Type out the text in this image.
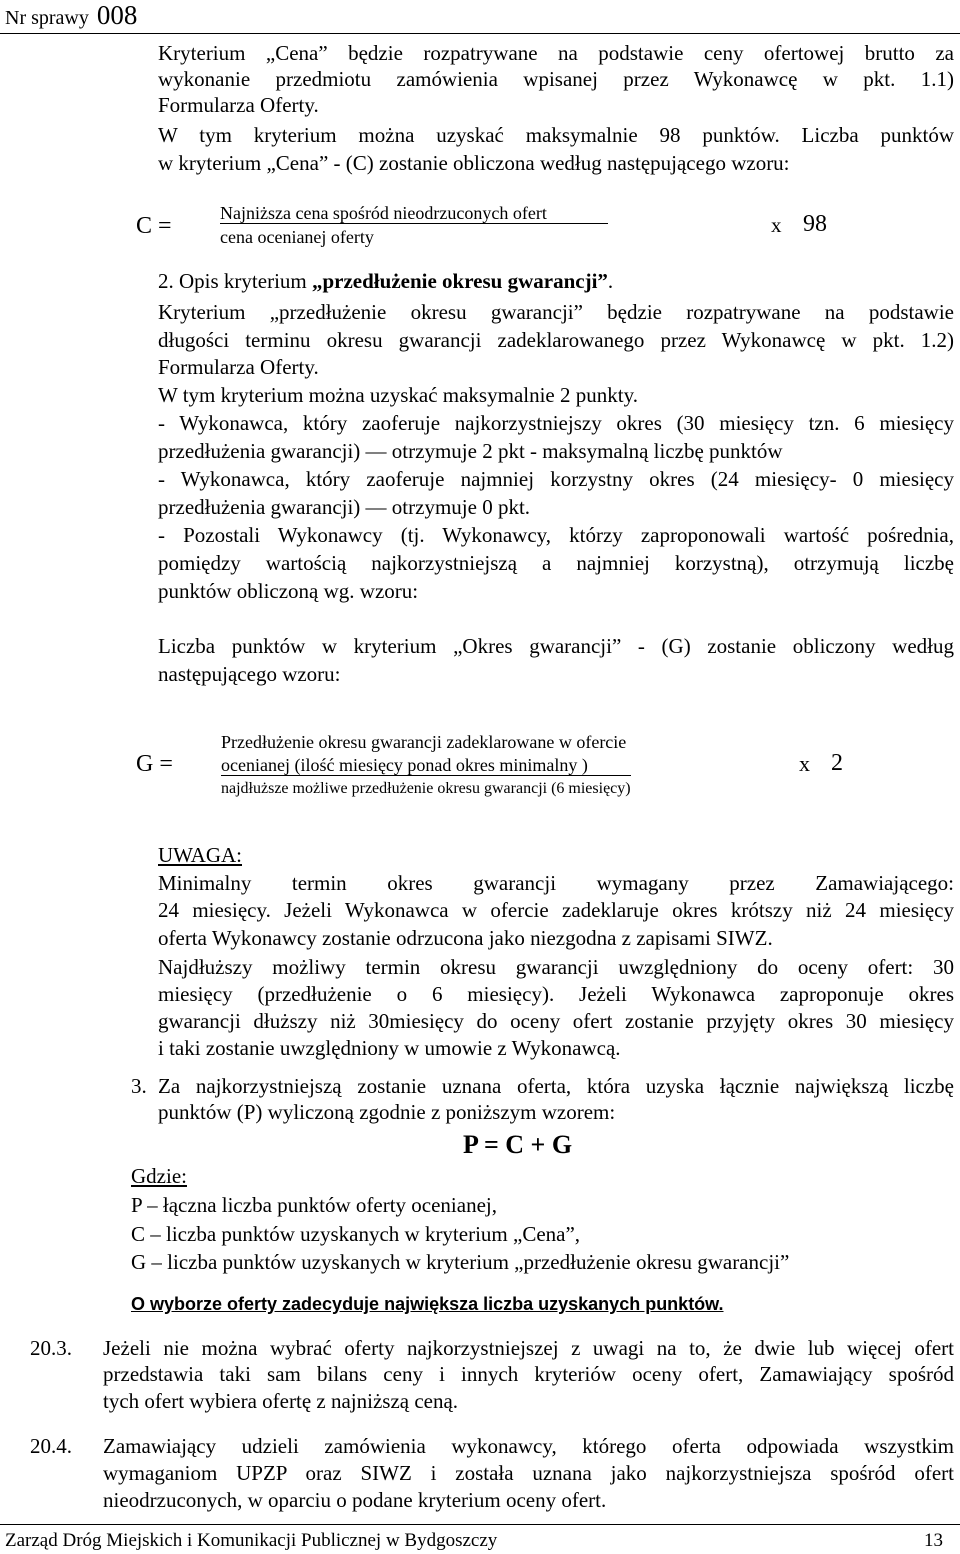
Nr sprawy 008
Kryterium „Cena” będzie rozpatrywane na podstawie ceny ofertowej brutto za
wykonanie przedmiotu zamówienia wpisanej przez Wykonawcę w pkt. 1.1)
Formularza Oferty.
W tym kryterium można uzyskać maksymalnie 98 punktów. Liczba punktów
w kryterium „Cena” - (C) zostanie obliczona według następującego wzoru:
C =	Najniższa cena spośród nieodrzuconych ofert
cena ocenianej oferty	x 98
2. Opis kryterium „przedłużenie okresu gwarancji”.
Kryterium „przedłużenie okresu gwarancji” będzie rozpatrywane na podstawie
długości terminu okresu gwarancji zadeklarowanego przez Wykonawcę w pkt. 1.2)
Formularza Oferty.
W tym kryterium można uzyskać maksymalnie 2 punkty.
- Wykonawca, który zaoferuje najkorzystniejszy okres (30 miesięcy tzn. 6 miesięcy
przedłużenia gwarancji) — otrzymuje 2 pkt - maksymalną liczbę punktów
- Wykonawca, który zaoferuje najmniej korzystny okres (24 miesięcy- 0 miesięcy
przedłużenia gwarancji) — otrzymuje 0 pkt.
- Pozostali Wykonawcy (tj. Wykonawcy, którzy zaproponowali wartość pośrednia,
pomiędzy wartością najkorzystniejszą a najmniej korzystną), otrzymują liczbę
punktów obliczoną wg. wzoru:
Liczba punktów w kryterium „Okres gwarancji” - (G) zostanie obliczony według
następującego wzoru:
G =
Przedłużenie okresu gwarancji zadeklarowane w ofercie
ocenianej (ilość miesięcy ponad okres minimalny )
najdłuższe możliwe przedłużenie okresu gwarancji (6 miesięcy)
x 2
UWAGA:
Minimalny termin okres gwarancji wymagany przez Zamawiającego:
24 miesięcy. Jeżeli Wykonawca w ofercie zadeklaruje okres krótszy niż 24 miesięcy
oferta Wykonawcy zostanie odrzucona jako niezgodna z zapisami SIWZ.
Najdłuższy możliwy termin okresu gwarancji uwzględniony do oceny ofert: 30
miesięcy (przedłużenie o 6 miesięcy). Jeżeli Wykonawca zaproponuje okres
gwarancji dłuższy niż 30miesięcy do oceny ofert zostanie przyjęty okres 30 miesięcy
i taki zostanie uwzględniony w umowie z Wykonawcą.
3. Za najkorzystniejszą zostanie uznana oferta, która uzyska łącznie największą liczbę
punktów (P) wyliczoną zgodnie z poniższym wzorem:
P = C + G
Gdzie:
P – łączna liczba punktów oferty ocenianej,
C – liczba punktów uzyskanych w kryterium „Cena”,
G – liczba punktów uzyskanych w kryterium „przedłużenie okresu gwarancji”
O wyborze oferty zadecyduje największa liczba uzyskanych punktów.
20.3. Jeżeli nie można wybrać oferty najkorzystniejszej z uwagi na to, że dwie lub więcej ofert
przedstawia taki sam bilans ceny i innych kryteriów oceny ofert, Zamawiający spośród
tych ofert wybiera ofertę z najniższą ceną.
20.4. Zamawiający udzieli zamówienia wykonawcy, którego oferta odpowiada wszystkim
wymaganiom UPZP oraz SIWZ i została uznana jako najkorzystniejsza spośród ofert
nieodrzuconych, w oparciu o podane kryterium oceny ofert.
Zarząd Dróg Miejskich i Komunikacji Publicznej w Bydgoszczy	13
